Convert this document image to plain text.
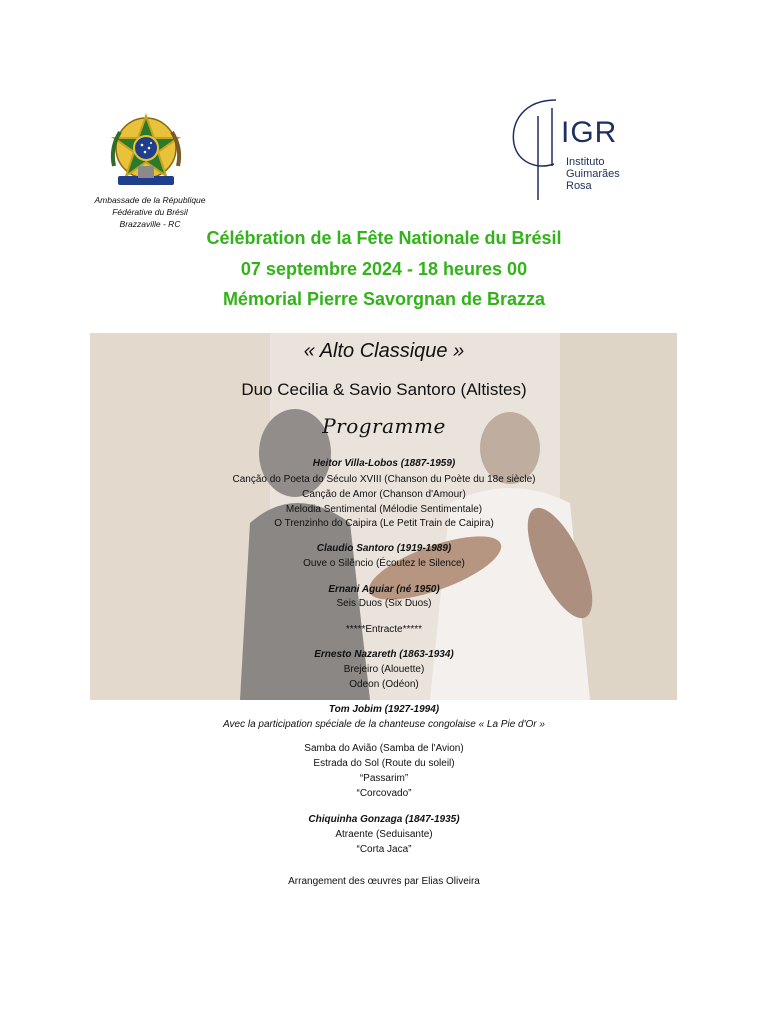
Ambassade de la République
Fédérative du Brésil
Brazzaville - RC
IGR
Instituto
Guimarães
Rosa
Célébration de la Fête Nationale du Brésil
07 septembre 2024 - 18 heures 00
Mémorial Pierre Savorgnan de Brazza
« Alto Classique »
Duo Cecilia & Savio Santoro (Altistes)
Programme
Heitor Villa-Lobos (1887-1959)
Canção do Poeta do Século XVIII (Chanson du Poète du 18e siècle)
Canção de Amor (Chanson d'Amour)
Melodia Sentimental (Mélodie Sentimentale)
O Trenzinho do Caipira (Le Petit Train de Caipira)
Claudio Santoro (1919-1989)
Ouve o Silêncio (Écoutez le Silence)
Ernani Aguiar (né 1950)
Seis Duos (Six Duos)
*****Entracte*****
Ernesto Nazareth (1863-1934)
Brejeiro (Alouette)
Odeon (Odéon)
Tom Jobim (1927-1994)
Avec la participation spéciale de la chanteuse congolaise « La Pie d'Or »
Samba do Avião (Samba de l'Avion)
Estrada do Sol (Route du soleil)
“Passarim”
“Corcovado”
Chiquinha Gonzaga (1847-1935)
Atraente (Seduisante)
“Corta Jaca”
Arrangement des œuvres par Elias Oliveira
